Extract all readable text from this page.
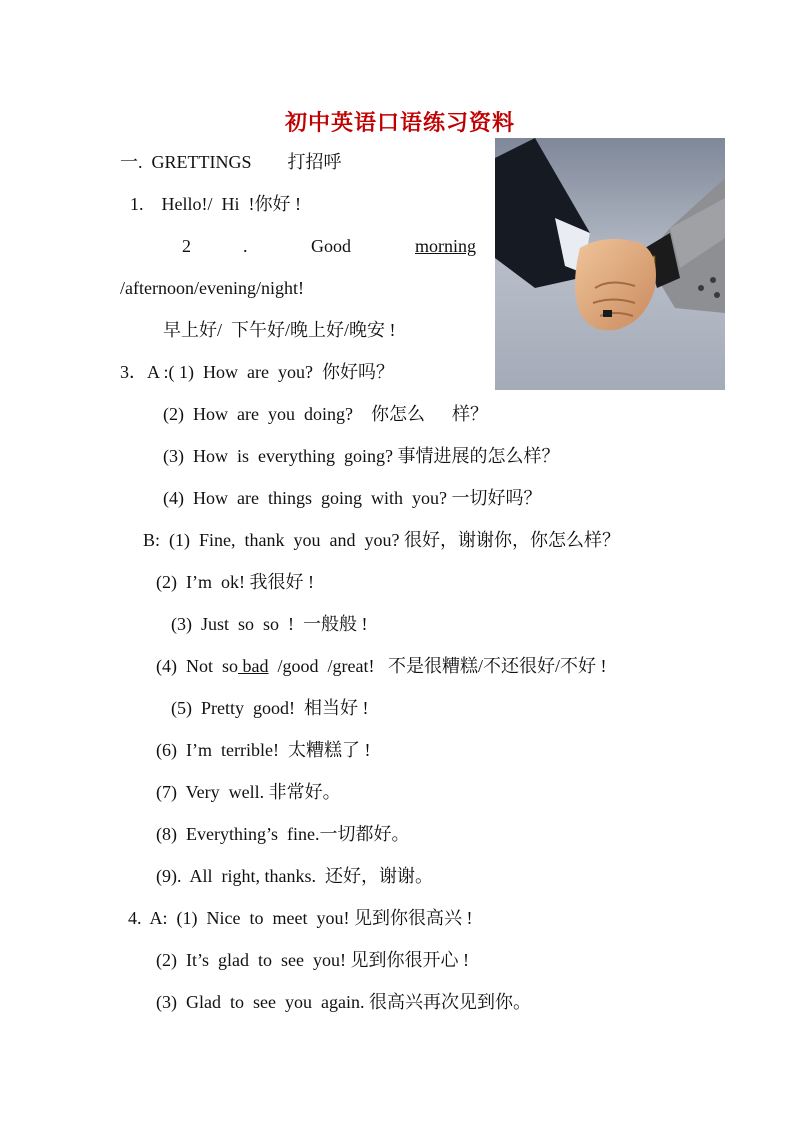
初中英语口语练习资料
一. GRETTINGS 打招呼
1.    Hello!/  Hi  !你好 !
2	.	Good	morning
/afternoon/evening/night!
早上好/  下午好/晚上好/晚安 !
3．A :( 1)  How  are  you?  你好吗？
(2)  How  are  you  doing?    你怎么      样？
(3)  How  is  everything  going? 事情进展的怎么样？
(4)  How  are  things  going  with  you? 一切好吗？
B:  (1)  Fine,  thank  you  and  you? 很好，谢谢你，你怎么样？
(2)  I’m  ok! 我很好 !
(3)  Just  so  so  !  一般般 !
(4)  Not  so bad  /good  /great!   不是很糟糕/不还很好/不好 !
(5)  Pretty  good!  相当好 !
(6)  I’m  terrible!  太糟糕了 !
(7)  Very  well. 非常好。
(8)  Everything’s  fine.一切都好。
(9).  All  right, thanks.  还好，谢谢。
4.  A:  (1)  Nice  to  meet  you! 见到你很高兴 !
(2)  It’s  glad  to  see  you! 见到你很开心 !
(3)  Glad  to  see  you  again. 很高兴再次见到你。
